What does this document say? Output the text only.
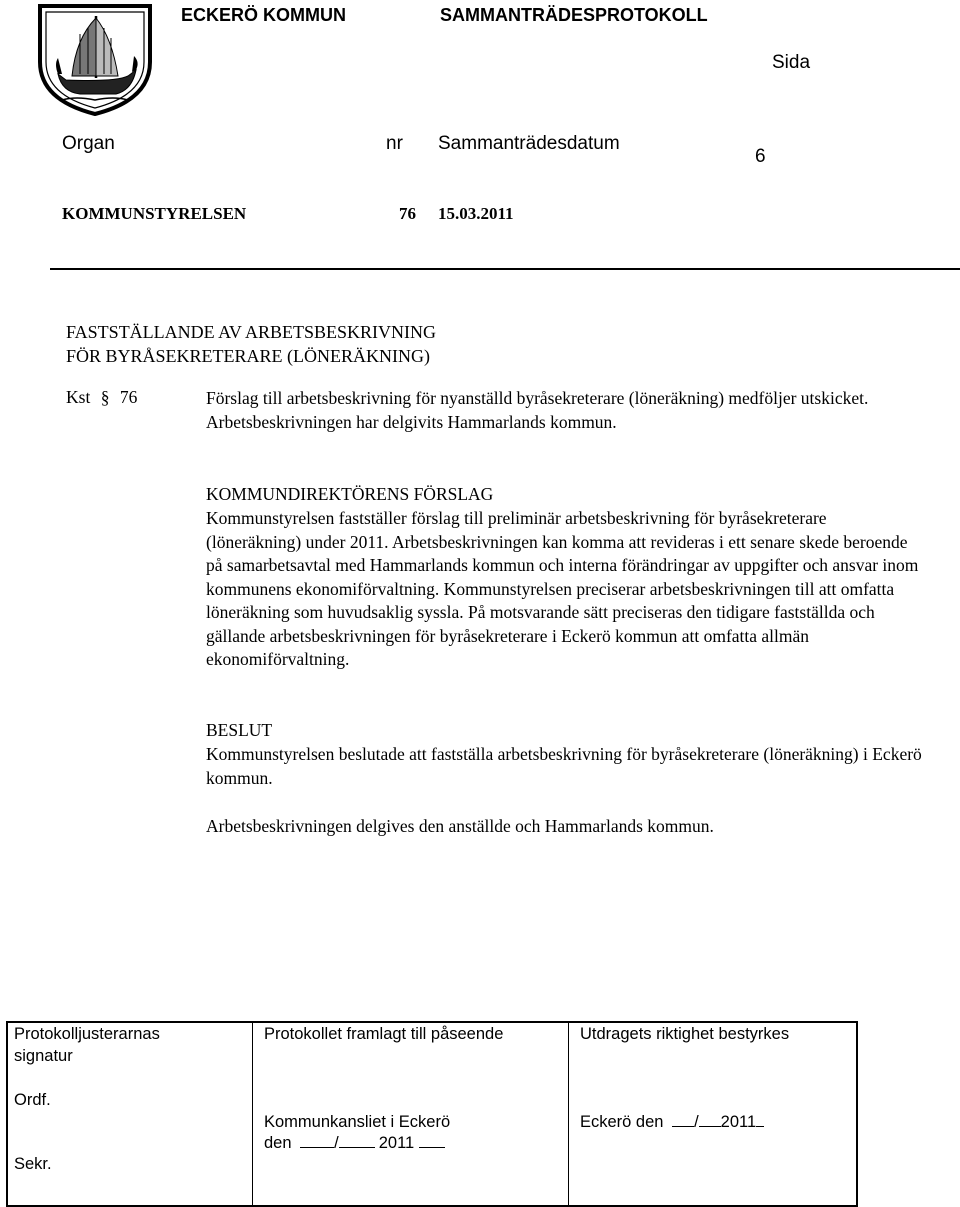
ECKERÖ KOMMUN	SAMMANTRÄDESPROTOKOLL
Sida
Organ	nr Sammanträdesdatum
6
KOMMUNSTYRELSEN	76 15.03.2011
FASTSTÄLLANDE AV ARBETSBESKRIVNING
FÖR BYRÅSEKRETERARE (LÖNERÄKNING)
Kst § 76	Förslag till arbetsbeskrivning för nyanställd byråsekreterare (löneräkning) medföljer utskicket. Arbetsbeskrivningen har delgivits Hammarlands kommun.
KOMMUNDIREKTÖRENS FÖRSLAG
Kommunstyrelsen fastställer förslag till preliminär arbetsbeskrivning för byråsekreterare (löneräkning) under 2011. Arbetsbeskrivningen kan komma att revideras i ett senare skede beroende på samarbetsavtal med Hammarlands kommun och interna förändringar av uppgifter och ansvar inom kommunens ekonomiförvaltning. Kommunstyrelsen preciserar arbetsbeskrivningen till att omfatta löneräkning som huvudsaklig syssla. På motsvarande sätt preciseras den tidigare fastställda och gällande arbetsbeskrivningen för byråsekreterare i Eckerö kommun att omfatta allmän ekonomiförvaltning.
BESLUT
Kommunstyrelsen beslutade att fastställa arbetsbeskrivning för byråsekreterare (löneräkning) i Eckerö kommun.
Arbetsbeskrivningen delgives den anställde och Hammarlands kommun.
Protokolljusterarnas
signatur
Ordf.
Sekr.
Protokollet framlagt till påseende
Kommunkansliet i Eckerö
den	/ 2011
Utdragets riktighet bestyrkes
Eckerö den / 2011
